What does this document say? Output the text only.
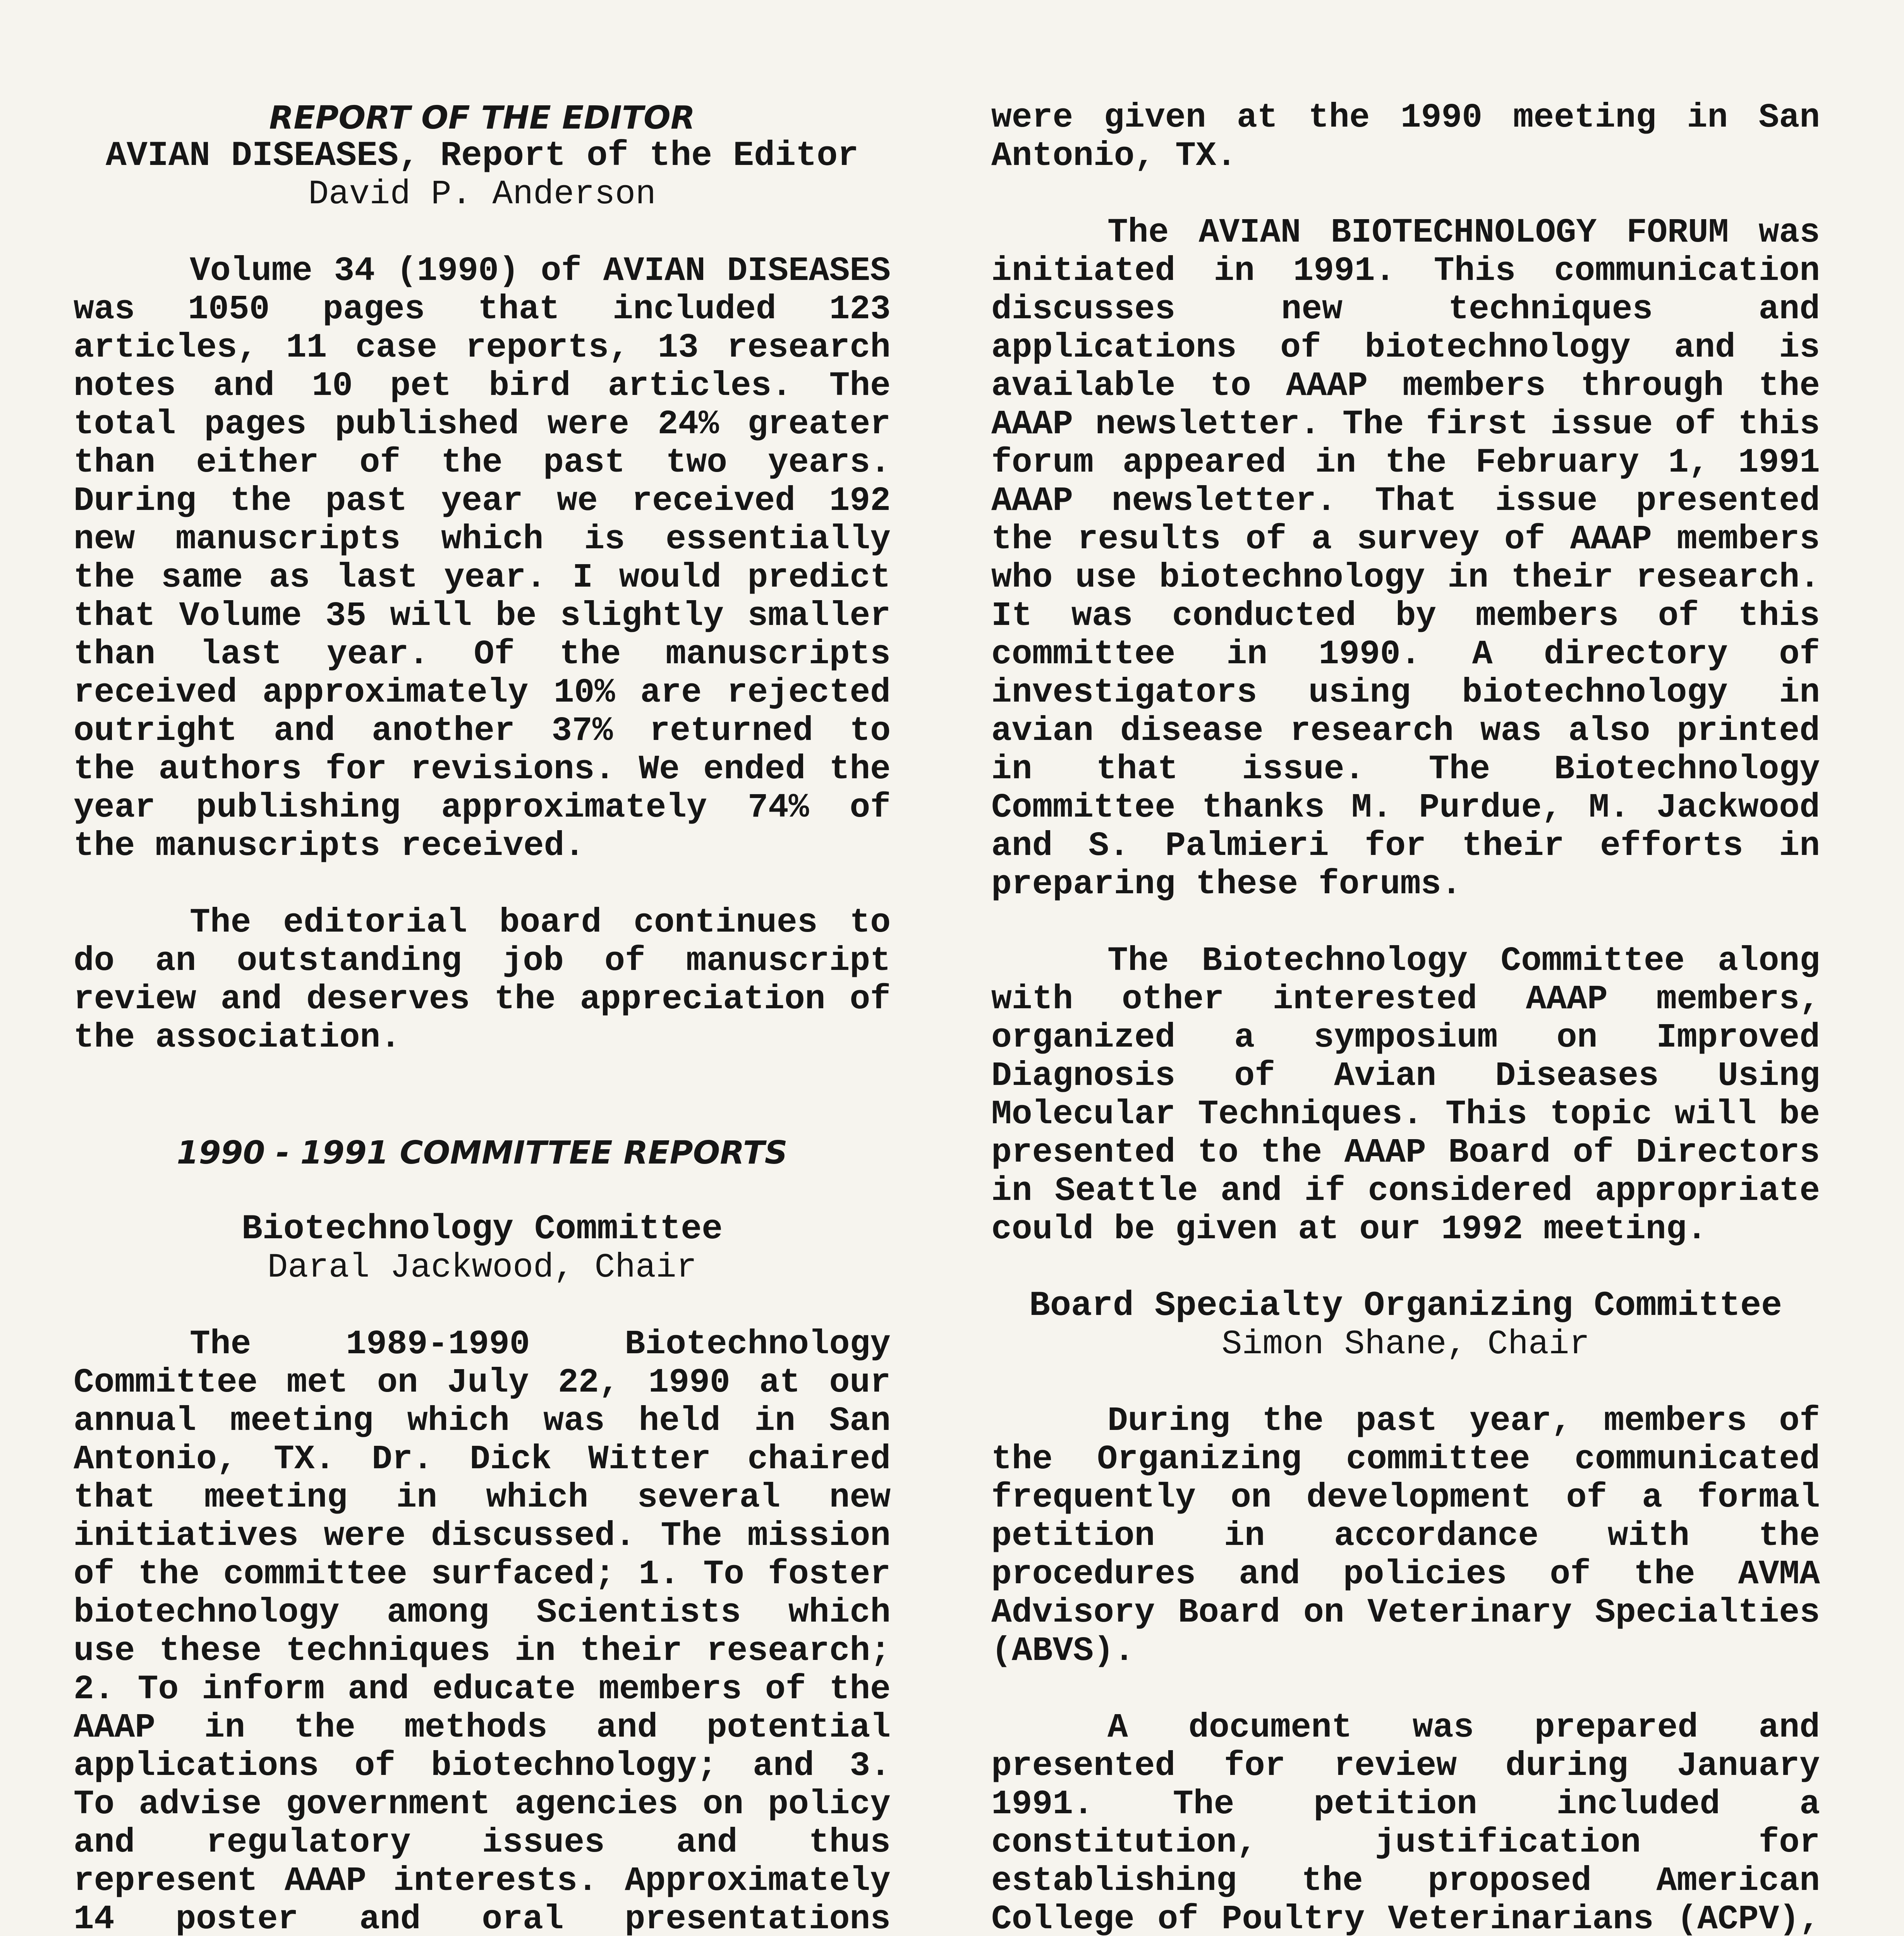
REPORT OF THE EDITOR
AVIAN DISEASES, Report of the Editor

David P. Anderson

Volume 34 (1990) of AVIAN DISEASES was 1050 pages that included 123 articles, 11 case reports, 13 research notes and 10 pet bird articles. The total pages published were 24% greater than either of the past two years. During the past year we received 192 new manuscripts which is essentially the same as last year. I would predict that Volume 35 will be slightly smaller than last year. Of the manuscripts received approximately 10% are rejected outright and another 37% returned to the authors for revisions. We ended the year publishing approximately 74% of the manuscripts received.

The editorial board continues to do an outstanding job of manuscript review and deserves the appreciation of the association.

1990 - 1991 COMMITTEE REPORTS
Biotechnology Committee

Daral Jackwood, Chair

The 1989-1990 Biotechnology Committee met on July 22, 1990 at our annual meeting which was held in San Antonio, TX. Dr. Dick Witter chaired that meeting in which several new initiatives were discussed. The mission of the committee surfaced; 1. To foster biotechnology among Scientists which use these techniques in their research; 2. To inform and educate members of the AAAP in the methods and potential applications of biotechnology; and 3. To advise government agencies on policy and regulatory issues and thus represent AAAP interests. Approximately 14 poster and oral presentations

were given at the 1990 meeting in San Antonio, TX.

The AVIAN BIOTECHNOLOGY FORUM was initiated in 1991. This communication discusses new techniques and applications of biotechnology and is available to AAAP members through the AAAP newsletter. The first issue of this forum appeared in the February 1, 1991 AAAP newsletter. That issue presented the results of a survey of AAAP members who use biotechnology in their research. It was conducted by members of this committee in 1990. A directory of investigators using biotechnology in avian disease research was also printed in that issue. The Biotechnology Committee thanks M. Purdue, M. Jackwood and S. Palmieri for their efforts in preparing these forums.

The Biotechnology Committee along with other interested AAAP members, organized a symposium on Improved Diagnosis of Avian Diseases Using Molecular Techniques. This topic will be presented to the AAAP Board of Directors in Seattle and if considered appropriate could be given at our 1992 meeting.

Board Specialty Organizing Committee

Simon Shane, Chair

During the past year, members of the Organizing committee communicated frequently on development of a formal petition in accordance with the procedures and policies of the AVMA Advisory Board on Veterinary Specialties (ABVS).

A document was prepared and presented for review during January 1991. The petition included a constitution, justification for establishing the proposed American College of Poultry Veterinarians (ACPV),
